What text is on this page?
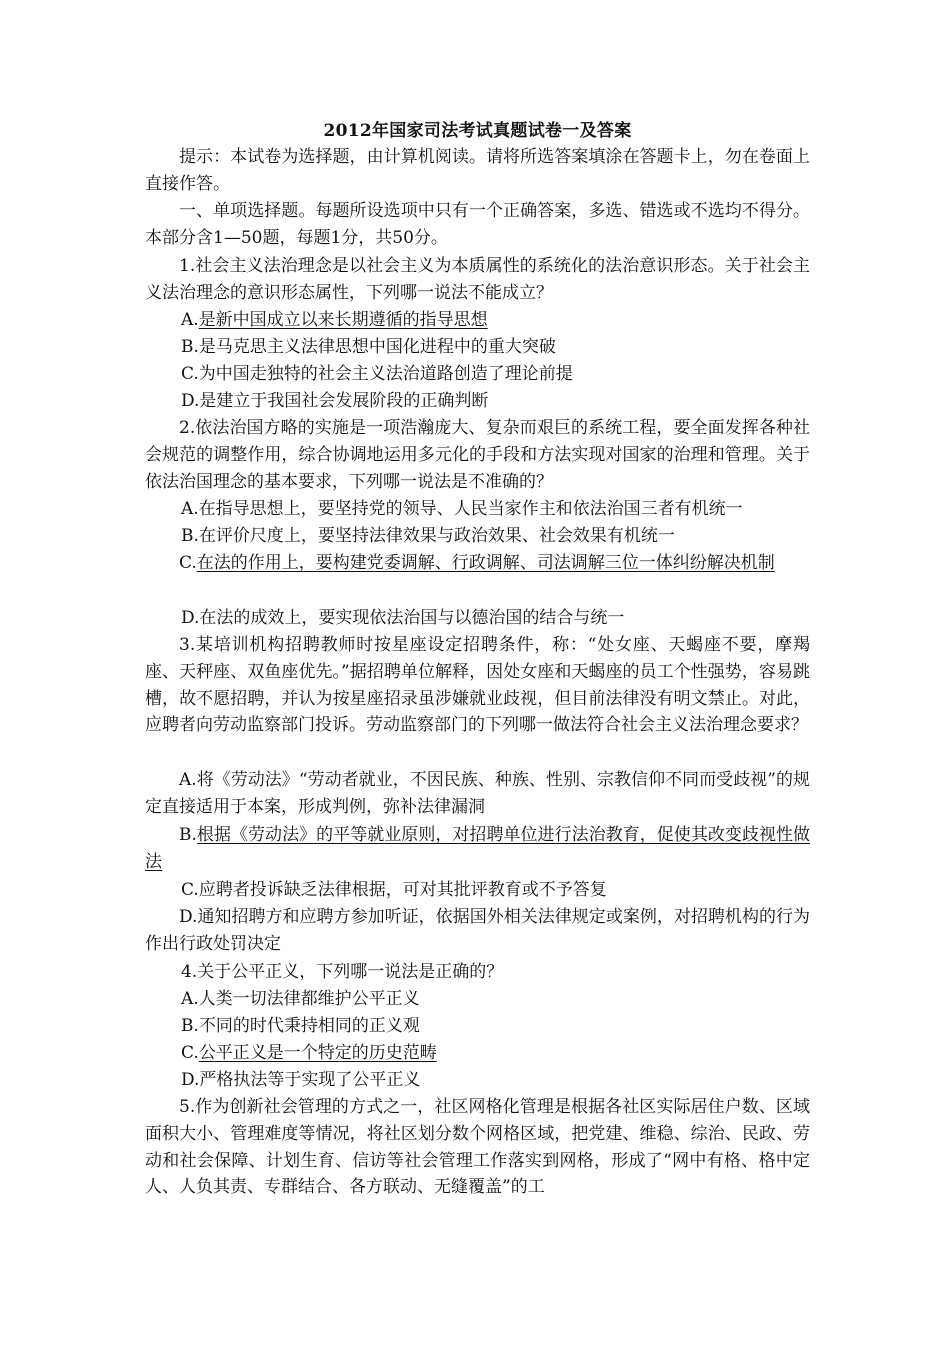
2012年国家司法考试真题试卷一及答案

提示：本试卷为选择题，由计算机阅读。请将所选答案填涂在答题卡上，勿在卷面上直接作答。

一、单项选择题。每题所设选项中只有一个正确答案，多选、错选或不选均不得分。本部分含1—50题，每题1分，共50分。

1.社会主义法治理念是以社会主义为本质属性的系统化的法治意识形态。关于社会主义法治理念的意识形态属性，下列哪一说法不能成立？

A.是新中国成立以来长期遵循的指导思想

B.是马克思主义法律思想中国化进程中的重大突破

C.为中国走独特的社会主义法治道路创造了理论前提

D.是建立于我国社会发展阶段的正确判断

2.依法治国方略的实施是一项浩瀚庞大、复杂而艰巨的系统工程，要全面发挥各种社会规范的调整作用，综合协调地运用多元化的手段和方法实现对国家的治理和管理。关于依法治国理念的基本要求，下列哪一说法是不准确的？

A.在指导思想上，要坚持党的领导、人民当家作主和依法治国三者有机统一

B.在评价尺度上，要坚持法律效果与政治效果、社会效果有机统一

C.在法的作用上，要构建党委调解、行政调解、司法调解三位一体纠纷解决机制

D.在法的成效上，要实现依法治国与以德治国的结合与统一

3.某培训机构招聘教师时按星座设定招聘条件，称：“处女座、天蝎座不要，摩羯座、天秤座、双鱼座优先。”据招聘单位解释，因处女座和天蝎座的员工个性强势，容易跳槽，故不愿招聘，并认为按星座招录虽涉嫌就业歧视，但目前法律没有明文禁止。对此，应聘者向劳动监察部门投诉。劳动监察部门的下列哪一做法符合社会主义法治理念要求？

A.将《劳动法》“劳动者就业，不因民族、种族、性别、宗教信仰不同而受歧视”的规定直接适用于本案，形成判例，弥补法律漏洞

B.根据《劳动法》的平等就业原则，对招聘单位进行法治教育，促使其改变歧视性做法

C.应聘者投诉缺乏法律根据，可对其批评教育或不予答复

D.通知招聘方和应聘方参加听证，依据国外相关法律规定或案例，对招聘机构的行为作出行政处罚决定

4.关于公平正义，下列哪一说法是正确的？

A.人类一切法律都维护公平正义

B.不同的时代秉持相同的正义观

C.公平正义是一个特定的历史范畴

D.严格执法等于实现了公平正义

5.作为创新社会管理的方式之一，社区网格化管理是根据各社区实际居住户数、区域面积大小、管理难度等情况，将社区划分数个网格区域，把党建、维稳、综治、民政、劳动和社会保障、计划生育、信访等社会管理工作落实到网格，形成了“网中有格、格中定人、人负其责、专群结合、各方联动、无缝覆盖”的工
